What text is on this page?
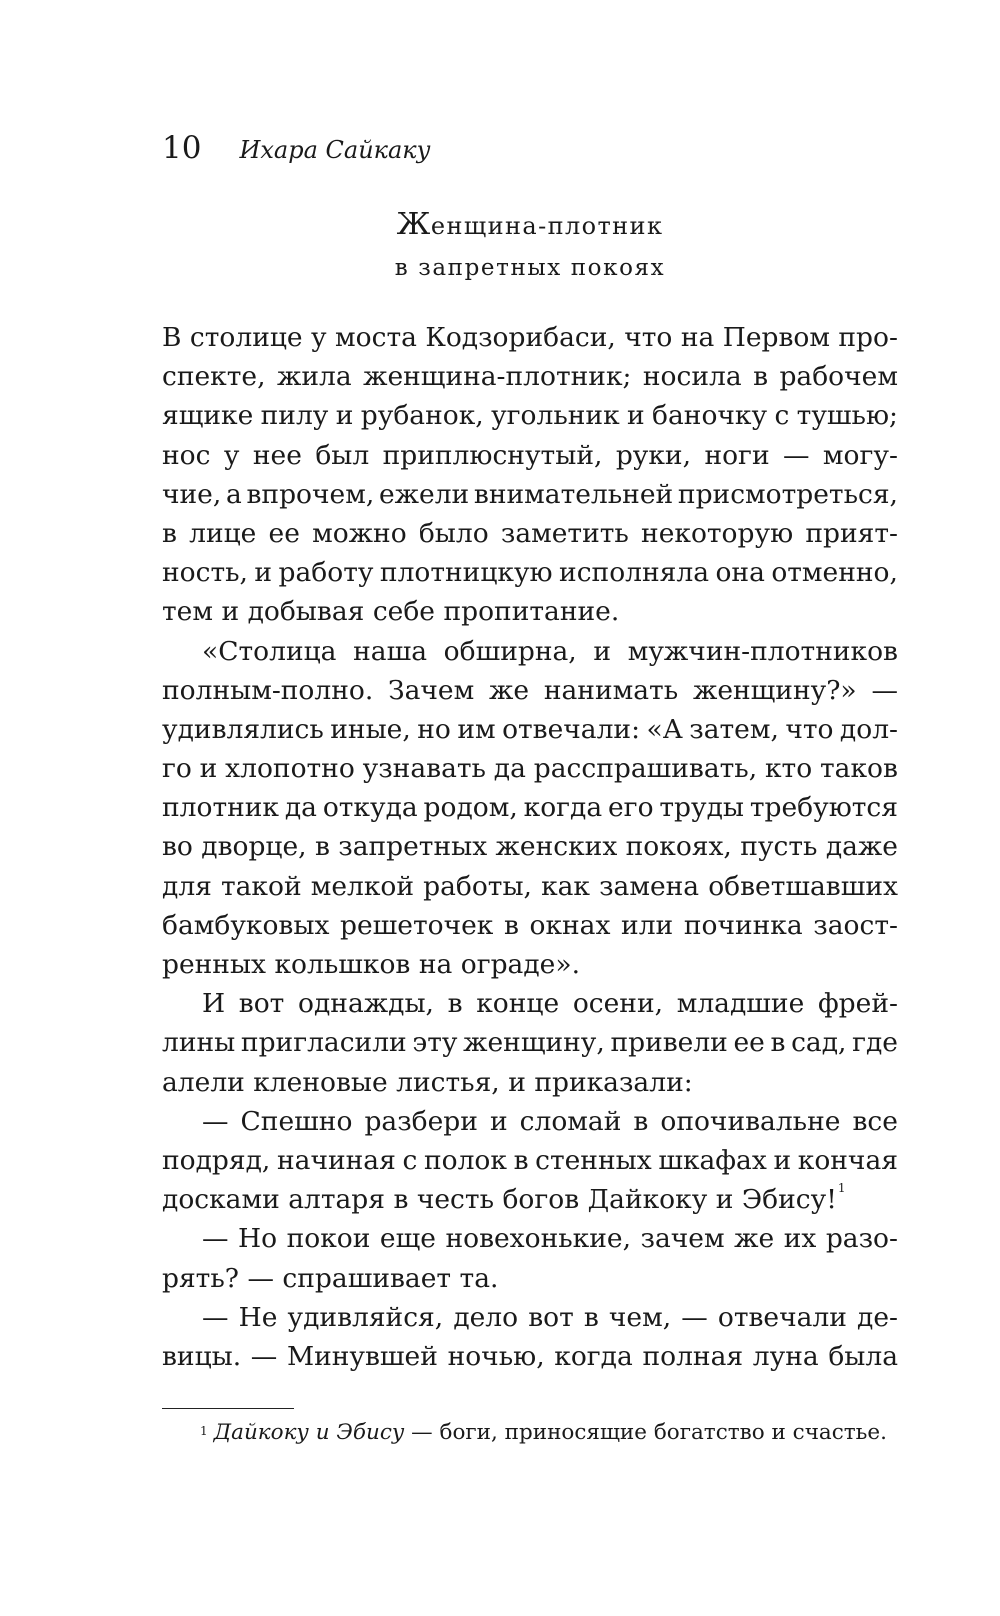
10 Ихара Сайкаку
Женщина-плотник
в запретных покоях
В столице у моста Кодзорибаси, что на Первом про-
спекте, жила женщина-плотник; носила в рабочем
ящике пилу и рубанок, угольник и баночку с тушью;
нос у нее был приплюснутый, руки, ноги — могу-
чие, а впрочем, ежели внимательней присмотреться,
в лице ее можно было заметить некоторую прият-
ность, и работу плотницкую исполняла она отменно,
тем и добывая себе пропитание.
«Столица наша обширна, и мужчин-плотников
полным-полно. Зачем же нанимать женщину?» —
удивлялись иные, но им отвечали: «А затем, что дол-
го и хлопотно узнавать да расспрашивать, кто таков
плотник да откуда родом, когда его труды требуются
во дворце, в запретных женских покоях, пусть даже
для такой мелкой работы, как замена обветшавших
бамбуковых решеточек в окнах или починка заост-
ренных кольшков на ограде».
И вот однажды, в конце осени, младшие фрей-
лины пригласили эту женщину, привели ее в сад, где
алели кленовые листья, и приказали:
— Спешно разбери и сломай в опочивальне все
подряд, начиная с полок в стенных шкафах и кончая
досками алтаря в честь богов Дайкоку и Эбису!$^1$
— Но покои еще новехонькие, зачем же их разо-
рять? — спрашивает та.
— Не удивляйся, дело вот в чем, — отвечали де-
вицы. — Минувшей ночью, когда полная луна была
$^1$ Дайкоку и Эбису — боги, приносящие богатство и счастье.
